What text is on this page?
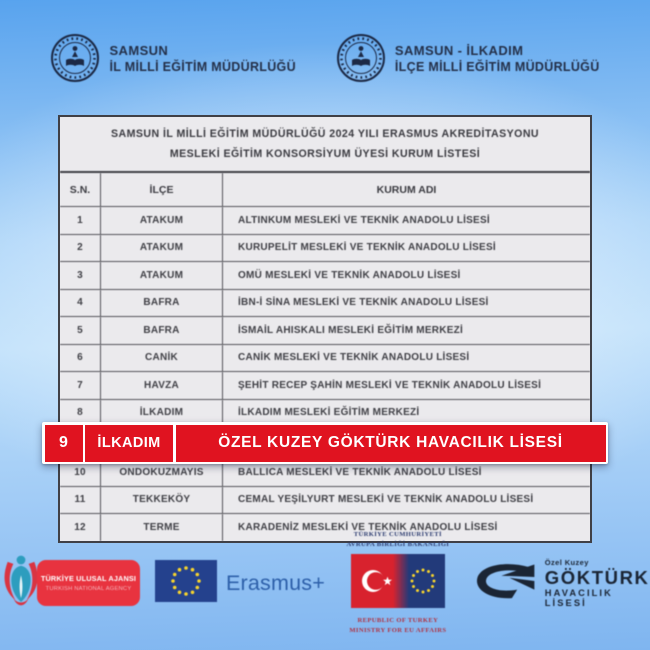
SAMSUN
İL MİLLİ EĞİTİM MÜDÜRLÜĞÜ
SAMSUN - İLKADIM
İLÇE MİLLİ EĞİTİM MÜDÜRLÜĞÜ
SAMSUN İL MİLLİ EĞİTİM MÜDÜRLÜĞÜ 2024 YILI ERASMUS AKREDİTASYONU
MESLEKİ EĞİTİM KONSORSİYUM ÜYESİ KURUM LİSTESİ
S.N.	İLÇE	KURUM ADI
1	ATAKUM	ALTINKUM MESLEKİ VE TEKNİK ANADOLU LİSESİ
2	ATAKUM	KURUPELİT MESLEKİ VE TEKNİK ANADOLU LİSESİ
3	ATAKUM	OMÜ MESLEKİ VE TEKNİK ANADOLU LİSESİ
4	BAFRA	İBN-İ SİNA MESLEKİ VE TEKNİK ANADOLU LİSESİ
5	BAFRA	İSMAİL AHISKALI MESLEKİ EĞİTİM MERKEZİ
6	CANİK	CANİK MESLEKİ VE TEKNİK ANADOLU LİSESİ
7	HAVZA	ŞEHİT RECEP ŞAHİN MESLEKİ VE TEKNİK ANADOLU LİSESİ
8	İLKADIM	İLKADIM MESLEKİ EĞİTİM MERKEZİ
9	İLKADIM	ÖZEL KUZEY GÖKTÜRK HAVACILIK LİSESİ
10	ONDOKUZMAYIS	BALLICA MESLEKİ VE TEKNİK ANADOLU LİSESİ
11	TEKKEKÖY	CEMAL YEŞİLYURT MESLEKİ VE TEKNİK ANADOLU LİSESİ
12	TERME	KARADENİZ MESLEKİ VE TEKNİK ANADOLU LİSESİ
TÜRKİYE ULUSAL AJANSI
TURKISH NATIONAL AGENCY	Erasmus+
TÜRKİYE CUMHURİYETİ
AVRUPA BİRLİĞİ BAKANLIĞI
REPUBLIC OF TURKEY
MINISTRY FOR EU AFFAIRS
Özel Kuzey
GÖKTÜRK
HAVACILIK LİSESİ
